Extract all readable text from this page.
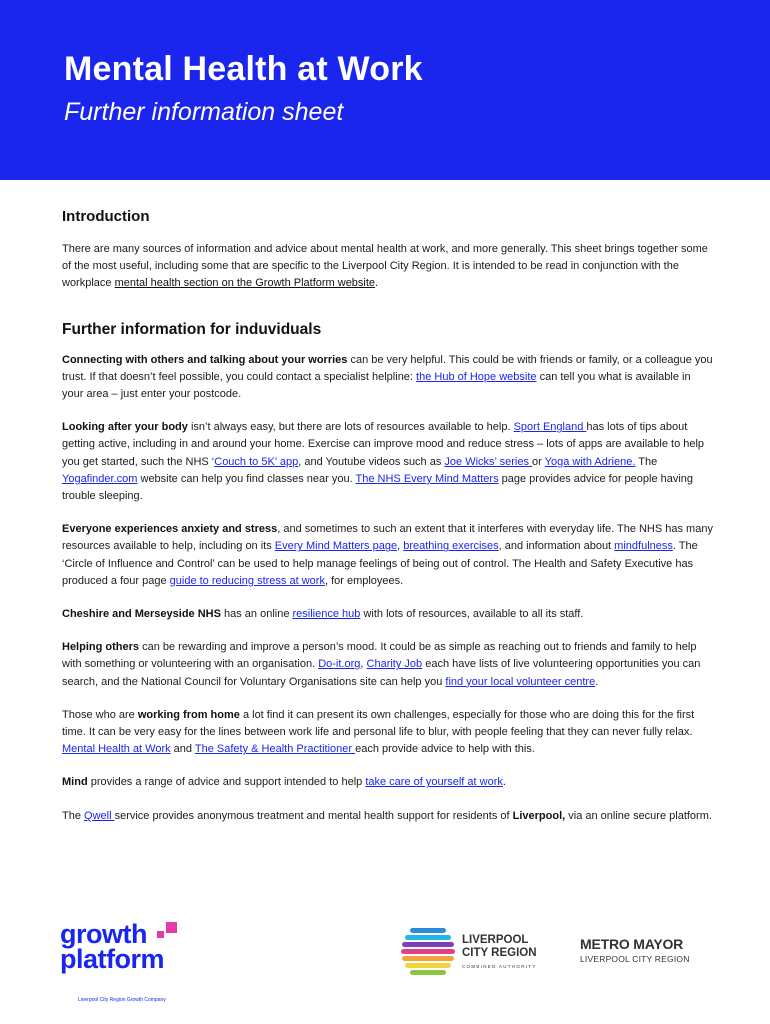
Mental Health at Work
Further information sheet
Introduction

There are many sources of information and advice about mental health at work, and more generally. This sheet brings together some of the most useful, including some that are specific to the Liverpool City Region. It is intended to be read in conjunction with the workplace mental health section on the Growth Platform website.

Further information for induviduals

Connecting with others and talking about your worries can be very helpful. This could be with friends or family, or a colleague you trust. If that doesn’t feel possible, you could contact a specialist helpline: the Hub of Hope website can tell you what is available in your area – just enter your postcode.

Looking after your body isn’t always easy, but there are lots of resources available to help. Sport England has lots of tips about getting active, including in and around your home. Exercise can improve mood and reduce stress – lots of apps are available to help you get started, such the NHS ‘Couch to 5K’ app, and Youtube videos such as Joe Wicks’ series or Yoga with Adriene. The Yogafinder.com website can help you find classes near you. The NHS Every Mind Matters page provides advice for people having trouble sleeping.

Everyone experiences anxiety and stress, and sometimes to such an extent that it interferes with everyday life. The NHS has many resources available to help, including on its Every Mind Matters page, breathing exercises, and information about mindfulness. The ‘Circle of Influence and Control’ can be used to help manage feelings of being out of control. The Health and Safety Executive has produced a four page guide to reducing stress at work, for employees.

Cheshire and Merseyside NHS has an online resilience hub with lots of resources, available to all its staff.

Helping others can be rewarding and improve a person’s mood. It could be as simple as reaching out to friends and family to help with something or volunteering with an organisation. Do-it.org, Charity Job each have lists of live volunteering opportunities you can search, and the National Council for Voluntary Organisations site can help you find your local volunteer centre.

Those who are working from home a lot find it can present its own challenges, especially for those who are doing this for the first time. It can be very easy for the lines between work life and personal life to blur, with people feeling that they can never fully relax. Mental Health at Work and The Safety & Health Practitioner each provide advice to help with this.

Mind provides a range of advice and support intended to help take care of yourself at work.

The Qwell service provides anonymous treatment and mental health support for residents of Liverpool, via an online secure platform.

growth
platform
Liverpool City Region Growth Company
LIVERPOOL
CITY REGION
COMBINED AUTHORITY
METRO MAYOR
LIVERPOOL CITY REGION
